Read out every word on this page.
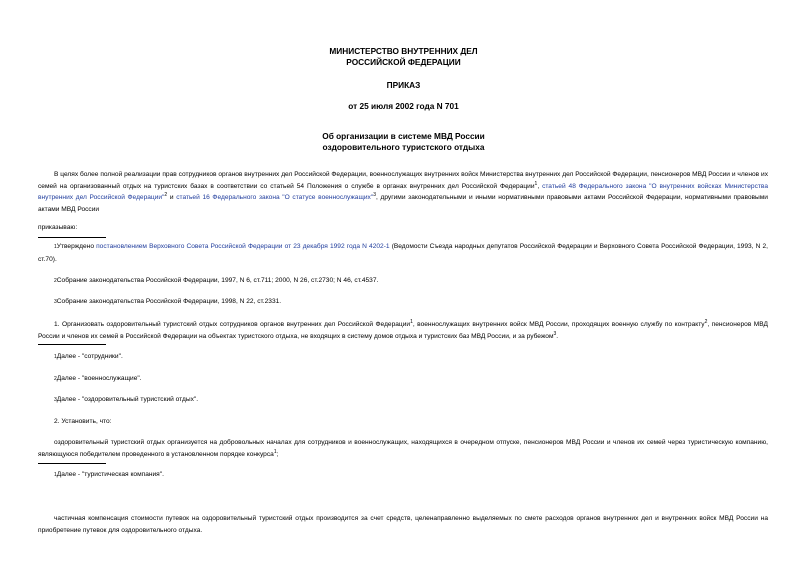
МИНИСТЕРСТВО ВНУТРЕННИХ ДЕЛ
РОССИЙСКОЙ ФЕДЕРАЦИИ
ПРИКАЗ
от 25 июля 2002 года N 701
Об организации в системе МВД России
оздоровительного туристского отдыха
В целях более полной реализации прав сотрудников органов внутренних дел Российской Федерации, военнослужащих внутренних войск Министерства внутренних дел Российской Федерации, пенсионеров МВД России и членов их семей на организованный отдых на туристских базах в соответствии со статьей 54 Положения о службе в органах внутренних дел Российской Федерации$^1$, статьей 48 Федерального закона "О внутренних войсках Министерства внутренних дел Российской Федерации"$^2$ и статьей 16 Федерального закона "О статусе военнослужащих"$^3$, другими законодательными и иными нормативными правовыми актами Российской Федерации, нормативными правовыми актами МВД России
приказываю:
1Утверждено постановлением Верховного Совета Российской Федерации от 23 декабря 1992 года N 4202-1 (Ведомости Съезда народных депутатов Российской Федерации и Верховного Совета Российской Федерации, 1993, N 2, ст.70).
2Собрание законодательства Российской Федерации, 1997, N 6, ст.711; 2000, N 26, ст.2730; N 46, ст.4537.
3Собрание законодательства Российской Федерации, 1998, N 22, ст.2331.
1. Организовать оздоровительный туристский отдых сотрудников органов внутренних дел Российской Федерации$^1$, военнослужащих внутренних войск МВД России, проходящих военную службу по контракту$^2$, пенсионеров МВД России и членов их семей в Российской Федерации на объектах туристского отдыха, не входящих в систему домов отдыха и туристских баз МВД России, и за рубежом$^3$.
1Далее - "сотрудники".
2Далее - "военнослужащие".
3Далее - "оздоровительный туристский отдых".
2. Установить, что:
оздоровительный туристский отдых организуется на добровольных началах для сотрудников и военнослужащих, находящихся в очередном отпуске, пенсионеров МВД России и членов их семей через туристическую компанию, являющуюся победителем проведенного в установленном порядке конкурса$^1$;
1Далее - "туристическая компания".
частичная компенсация стоимости путевок на оздоровительный туристский отдых производится за счет средств, целенаправленно выделяемых по смете расходов органов внутренних дел и внутренних войск МВД России на приобретение путевок для оздоровительного отдыха.
